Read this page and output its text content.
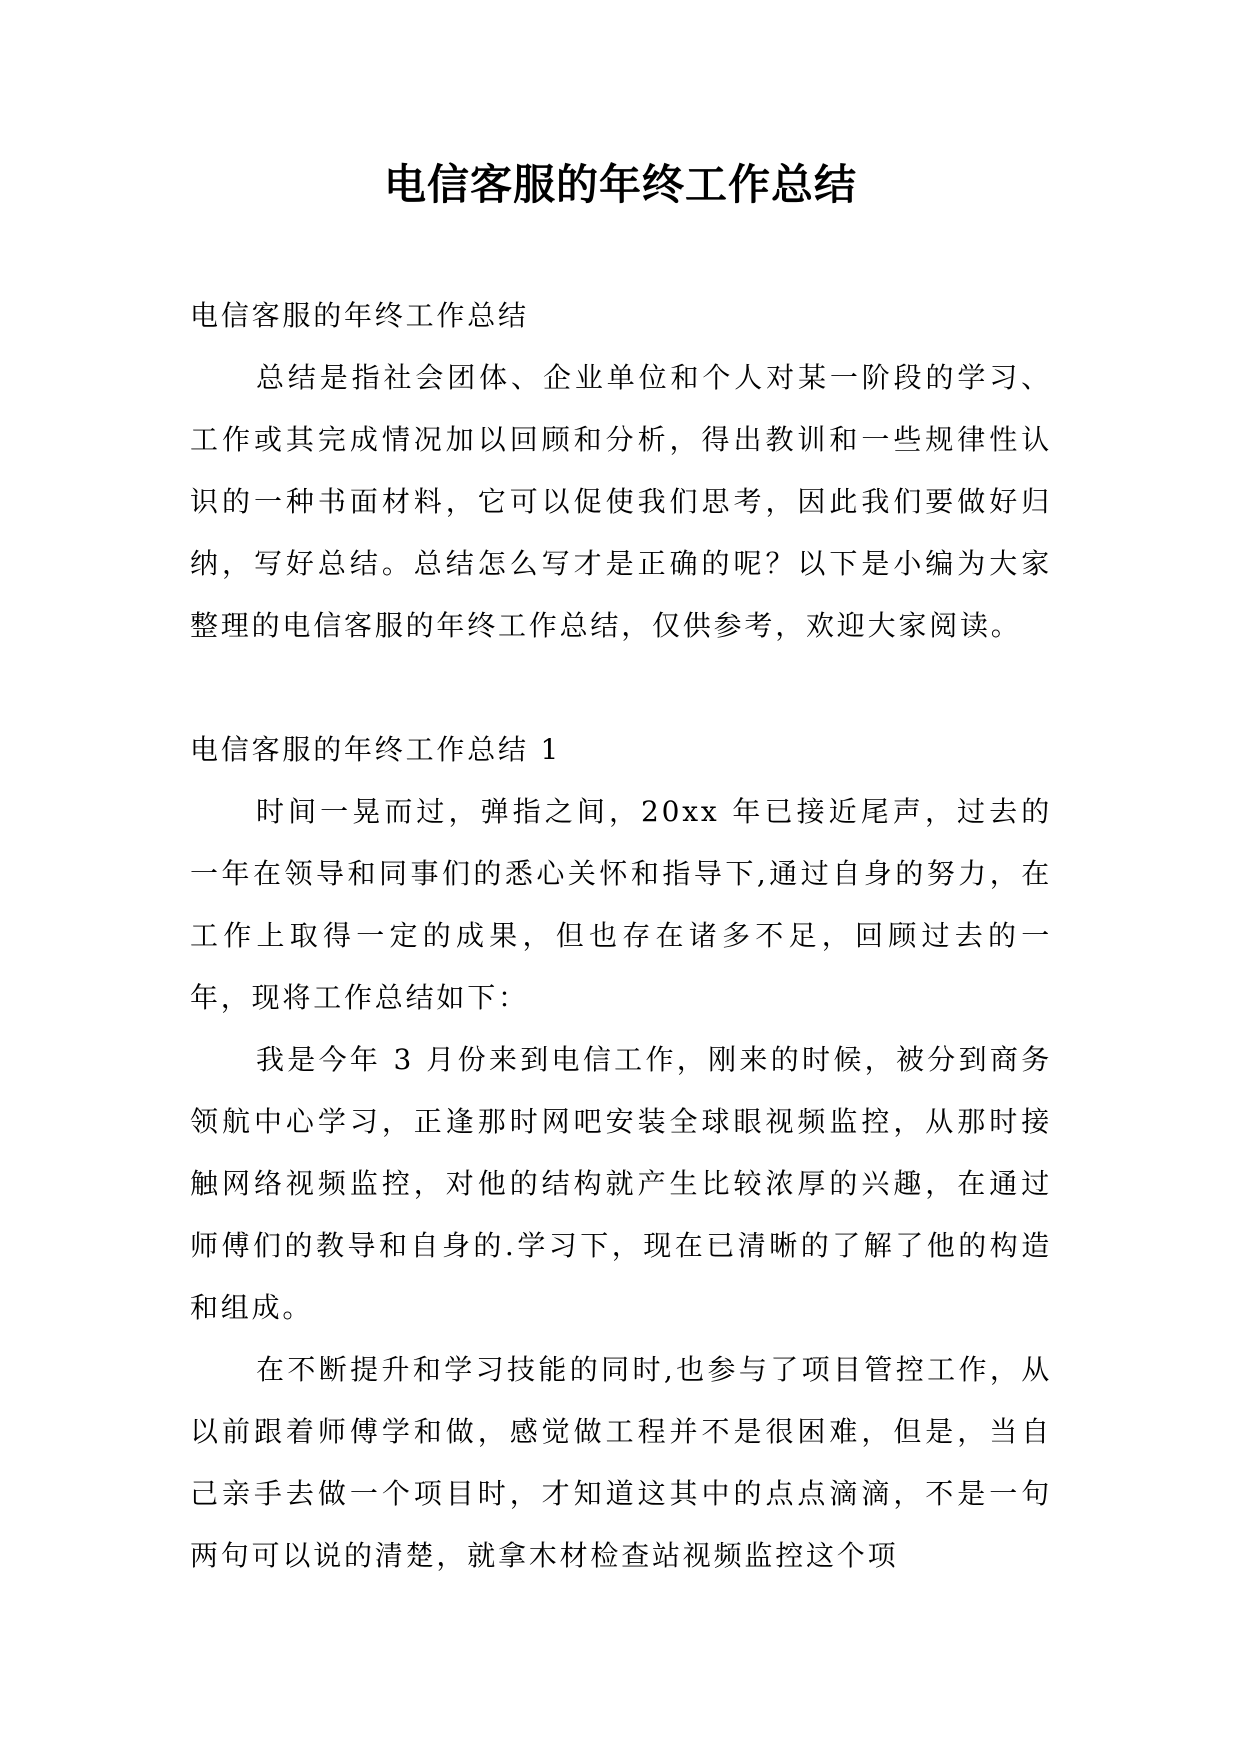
电信客服的年终工作总结

电信客服的年终工作总结

总结是指社会团体、企业单位和个人对某一阶段的学习、工作或其完成情况加以回顾和分析，得出教训和一些规律性认识的一种书面材料，它可以促使我们思考，因此我们要做好归纳，写好总结。总结怎么写才是正确的呢？以下是小编为大家整理的电信客服的年终工作总结，仅供参考，欢迎大家阅读。

电信客服的年终工作总结 1

时间一晃而过，弹指之间，20xx 年已接近尾声，过去的一年在领导和同事们的悉心关怀和指导下,通过自身的努力，在工作上取得一定的成果，但也存在诸多不足，回顾过去的一年，现将工作总结如下：

我是今年 3 月份来到电信工作，刚来的时候，被分到商务领航中心学习，正逢那时网吧安装全球眼视频监控，从那时接触网络视频监控，对他的结构就产生比较浓厚的兴趣，在通过师傅们的教导和自身的.学习下，现在已清晰的了解了他的构造和组成。

在不断提升和学习技能的同时,也参与了项目管控工作，从以前跟着师傅学和做，感觉做工程并不是很困难，但是，当自己亲手去做一个项目时，才知道这其中的点点滴滴，不是一句两句可以说的清楚，就拿木材检查站视频监控这个项
